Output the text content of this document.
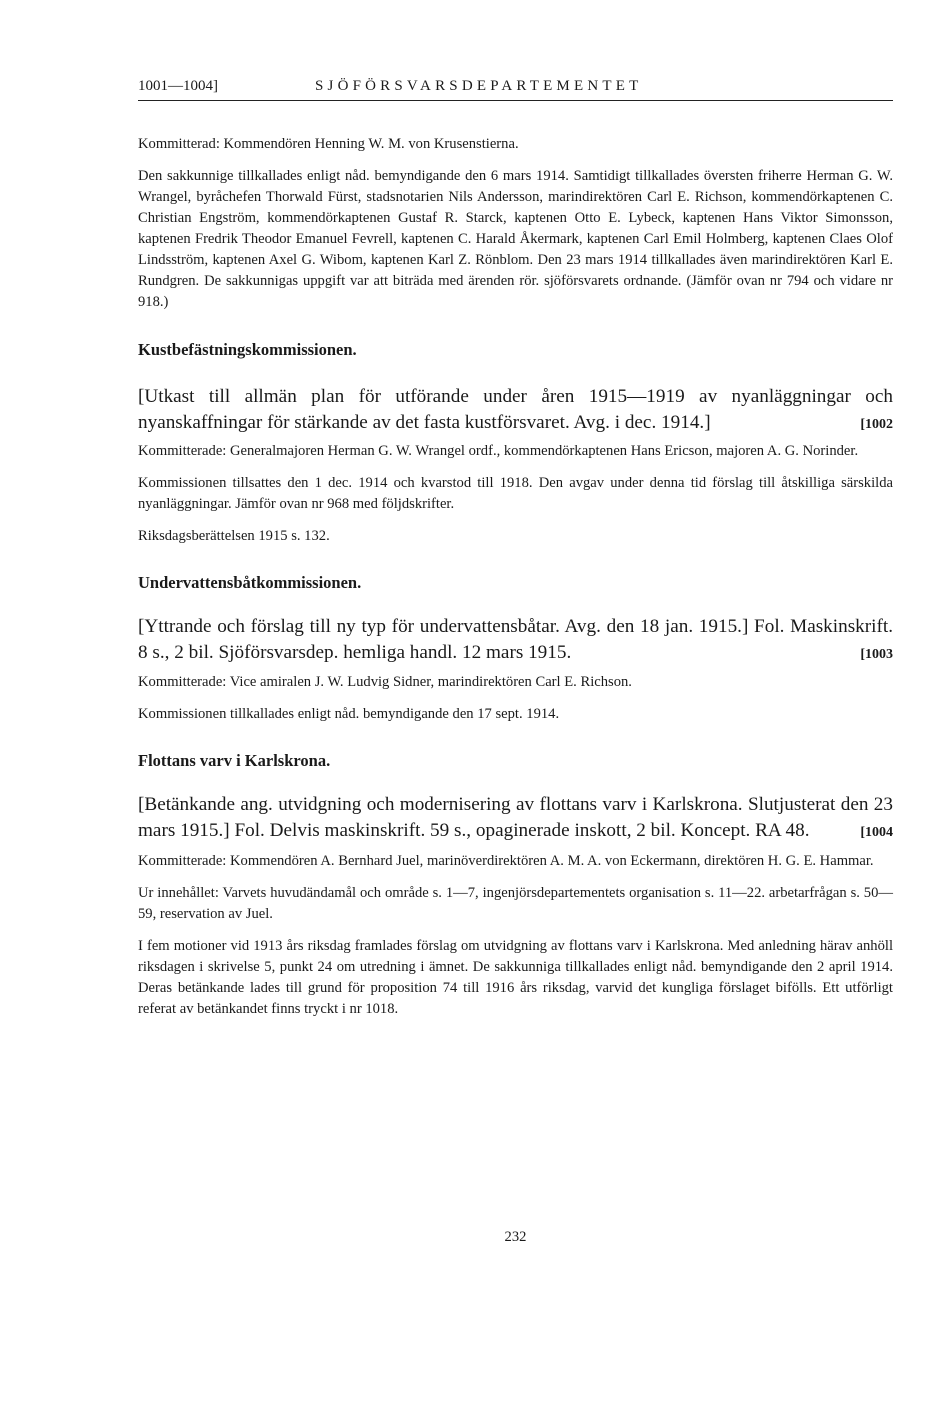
1001—1004]	SJÖFÖRSVARSDEPARTEMENTET

Kommitterad: Kommendören Henning W. M. von Krusenstierna.

Den sakkunnige tillkallades enligt nåd. bemyndigande den 6 mars 1914. Samtidigt tillkallades översten friherre Herman G. W. Wrangel, byråchefen Thorwald Fürst, stadsnotarien Nils Andersson, marindirektören Carl E. Richson, kommendörkaptenen C. Christian Engström, kommendörkaptenen Gustaf R. Starck, kaptenen Otto E. Lybeck, kaptenen Hans Viktor Simonsson, kaptenen Fredrik Theodor Emanuel Fevrell, kaptenen C. Harald Åkermark, kaptenen Carl Emil Holmberg, kaptenen Claes Olof Lindsström, kaptenen Axel G. Wibom, kaptenen Karl Z. Rönblom. Den 23 mars 1914 tillkallades även marindirektören Karl E. Rundgren. De sakkunnigas uppgift var att biträda med ärenden rör. sjöförsvarets ordnande. (Jämför ovan nr 794 och vidare nr 918.)

Kustbefästningskommissionen.

[Utkast till allmän plan för utförande under åren 1915—1919 av nyanläggningar och nyanskaffningar för stärkande av det fasta kustförsvaret. Avg. i dec. 1914.]	[1002

Kommitterade: Generalmajoren Herman G. W. Wrangel ordf., kommendörkaptenen Hans Ericson, majoren A. G. Norinder.

Kommissionen tillsattes den 1 dec. 1914 och kvarstod till 1918. Den avgav under denna tid förslag till åtskilliga särskilda nyanläggningar. Jämför ovan nr 968 med följdskrifter.

Riksdagsberättelsen 1915 s. 132.

Undervattensbåtkommissionen.

[Yttrande och förslag till ny typ för undervattensbåtar. Avg. den 18 jan. 1915.] Fol. Maskinskrift. 8 s., 2 bil. Sjöförsvarsdep. hemliga handl. 12 mars 1915.	[1003

Kommitterade: Vice amiralen J. W. Ludvig Sidner, marindirektören Carl E. Richson.

Kommissionen tillkallades enligt nåd. bemyndigande den 17 sept. 1914.

Flottans varv i Karlskrona.

[Betänkande ang. utvidgning och modernisering av flottans varv i Karlskrona. Slutjusterat den 23 mars 1915.] Fol. Delvis maskinskrift. 59 s., opaginerade inskott, 2 bil. Koncept. RA 48.	[1004

Kommitterade: Kommendören A. Bernhard Juel, marinöverdirektören A. M. A. von Eckermann, direktören H. G. E. Hammar.

Ur innehållet: Varvets huvudändamål och område s. 1—7, ingenjörsdepartementets organisation s. 11—22. arbetarfrågan s. 50—59, reservation av Juel.

I fem motioner vid 1913 års riksdag framlades förslag om utvidgning av flottans varv i Karlskrona. Med anledning härav anhöll riksdagen i skrivelse 5, punkt 24 om utredning i ämnet. De sakkunniga tillkallades enligt nåd. bemyndigande den 2 april 1914. Deras betänkande lades till grund för proposition 74 till 1916 års riksdag, varvid det kungliga förslaget bifölls. Ett utförligt referat av betänkandet finns tryckt i nr 1018.

232
